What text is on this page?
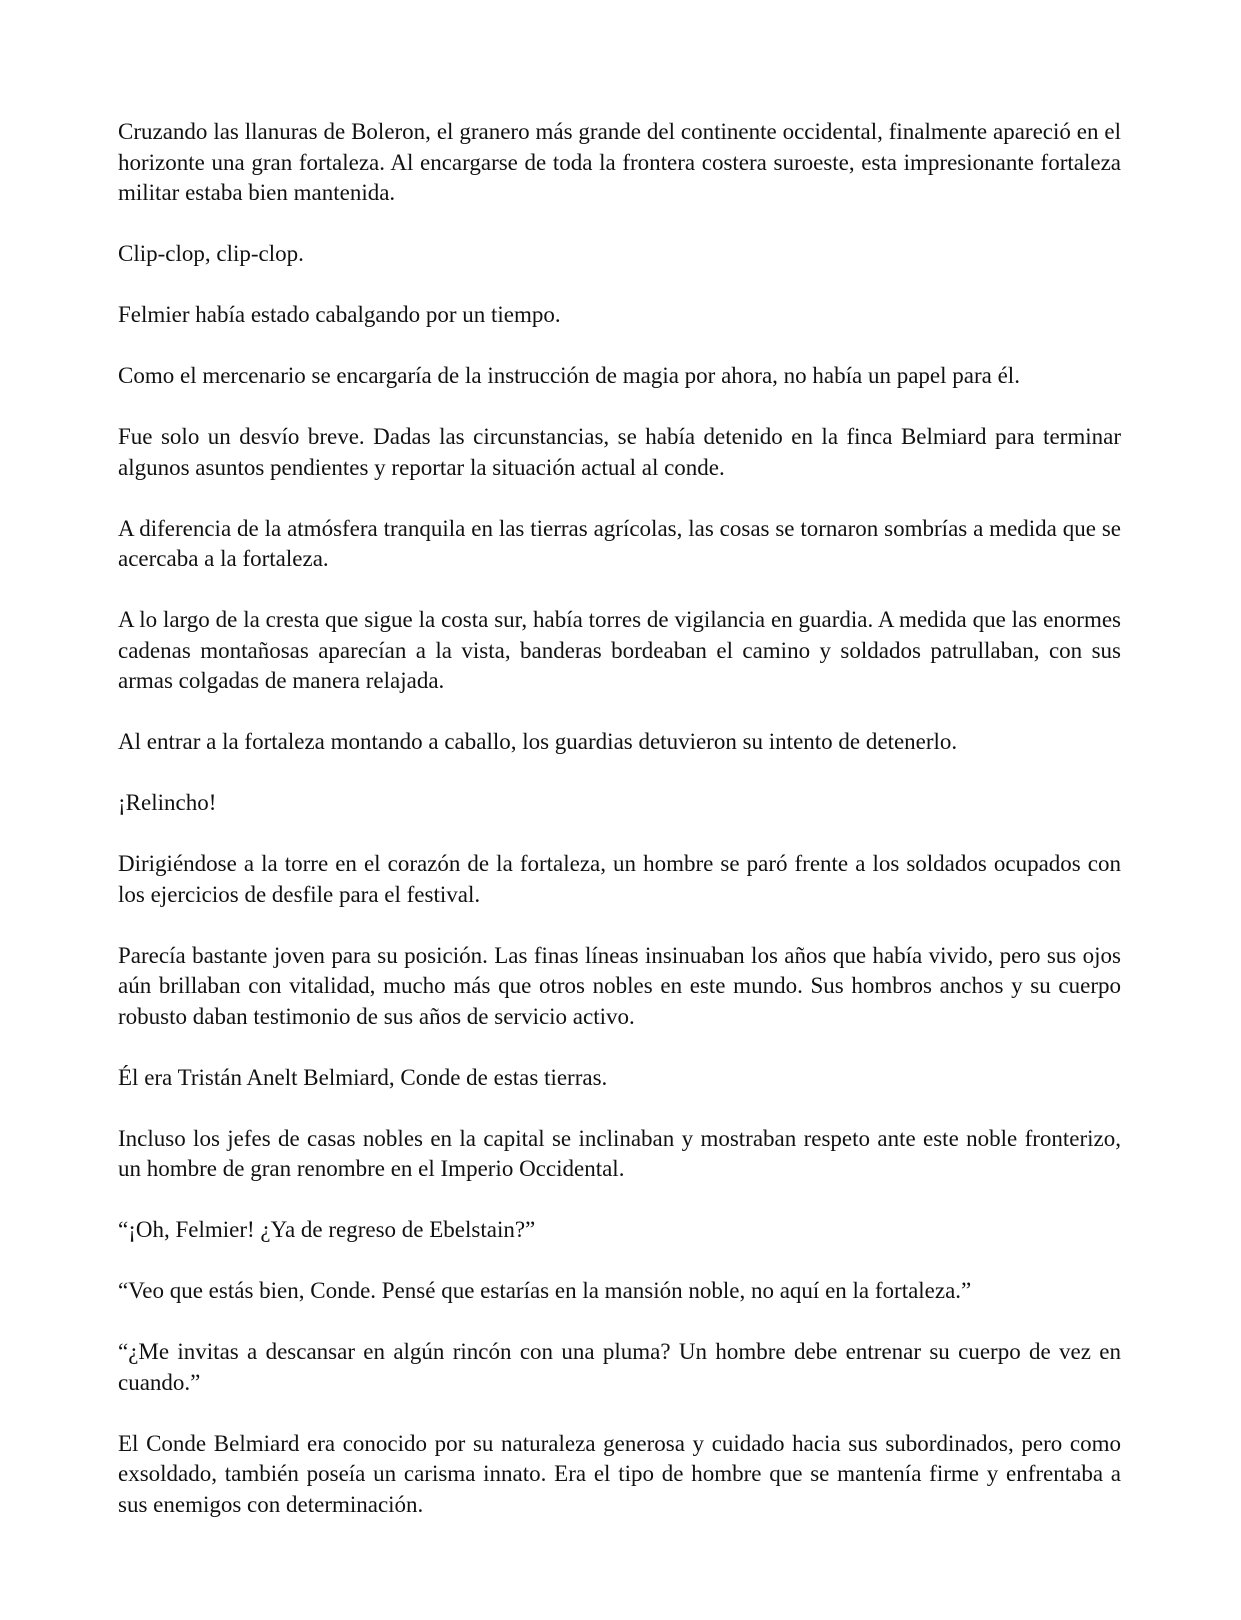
Cruzando las llanuras de Boleron, el granero más grande del continente occidental, finalmente apareció en el horizonte una gran fortaleza. Al encargarse de toda la frontera costera suroeste, esta impresionante fortaleza militar estaba bien mantenida.

Clip-clop, clip-clop.

Felmier había estado cabalgando por un tiempo.

Como el mercenario se encargaría de la instrucción de magia por ahora, no había un papel para él.

Fue solo un desvío breve. Dadas las circunstancias, se había detenido en la finca Belmiard para terminar algunos asuntos pendientes y reportar la situación actual al conde.

A diferencia de la atmósfera tranquila en las tierras agrícolas, las cosas se tornaron sombrías a medida que se acercaba a la fortaleza.

A lo largo de la cresta que sigue la costa sur, había torres de vigilancia en guardia. A medida que las enormes cadenas montañosas aparecían a la vista, banderas bordeaban el camino y soldados patrullaban, con sus armas colgadas de manera relajada.

Al entrar a la fortaleza montando a caballo, los guardias detuvieron su intento de detenerlo.

¡Relincho!

Dirigiéndose a la torre en el corazón de la fortaleza, un hombre se paró frente a los soldados ocupados con los ejercicios de desfile para el festival.

Parecía bastante joven para su posición. Las finas líneas insinuaban los años que había vivido, pero sus ojos aún brillaban con vitalidad, mucho más que otros nobles en este mundo. Sus hombros anchos y su cuerpo robusto daban testimonio de sus años de servicio activo.

Él era Tristán Anelt Belmiard, Conde de estas tierras.

Incluso los jefes de casas nobles en la capital se inclinaban y mostraban respeto ante este noble fronterizo, un hombre de gran renombre en el Imperio Occidental.

“¡Oh, Felmier! ¿Ya de regreso de Ebelstain?”

“Veo que estás bien, Conde. Pensé que estarías en la mansión noble, no aquí en la fortaleza.”

“¿Me invitas a descansar en algún rincón con una pluma? Un hombre debe entrenar su cuerpo de vez en cuando.”

El Conde Belmiard era conocido por su naturaleza generosa y cuidado hacia sus subordinados, pero como exsoldado, también poseía un carisma innato. Era el tipo de hombre que se mantenía firme y enfrentaba a sus enemigos con determinación.
